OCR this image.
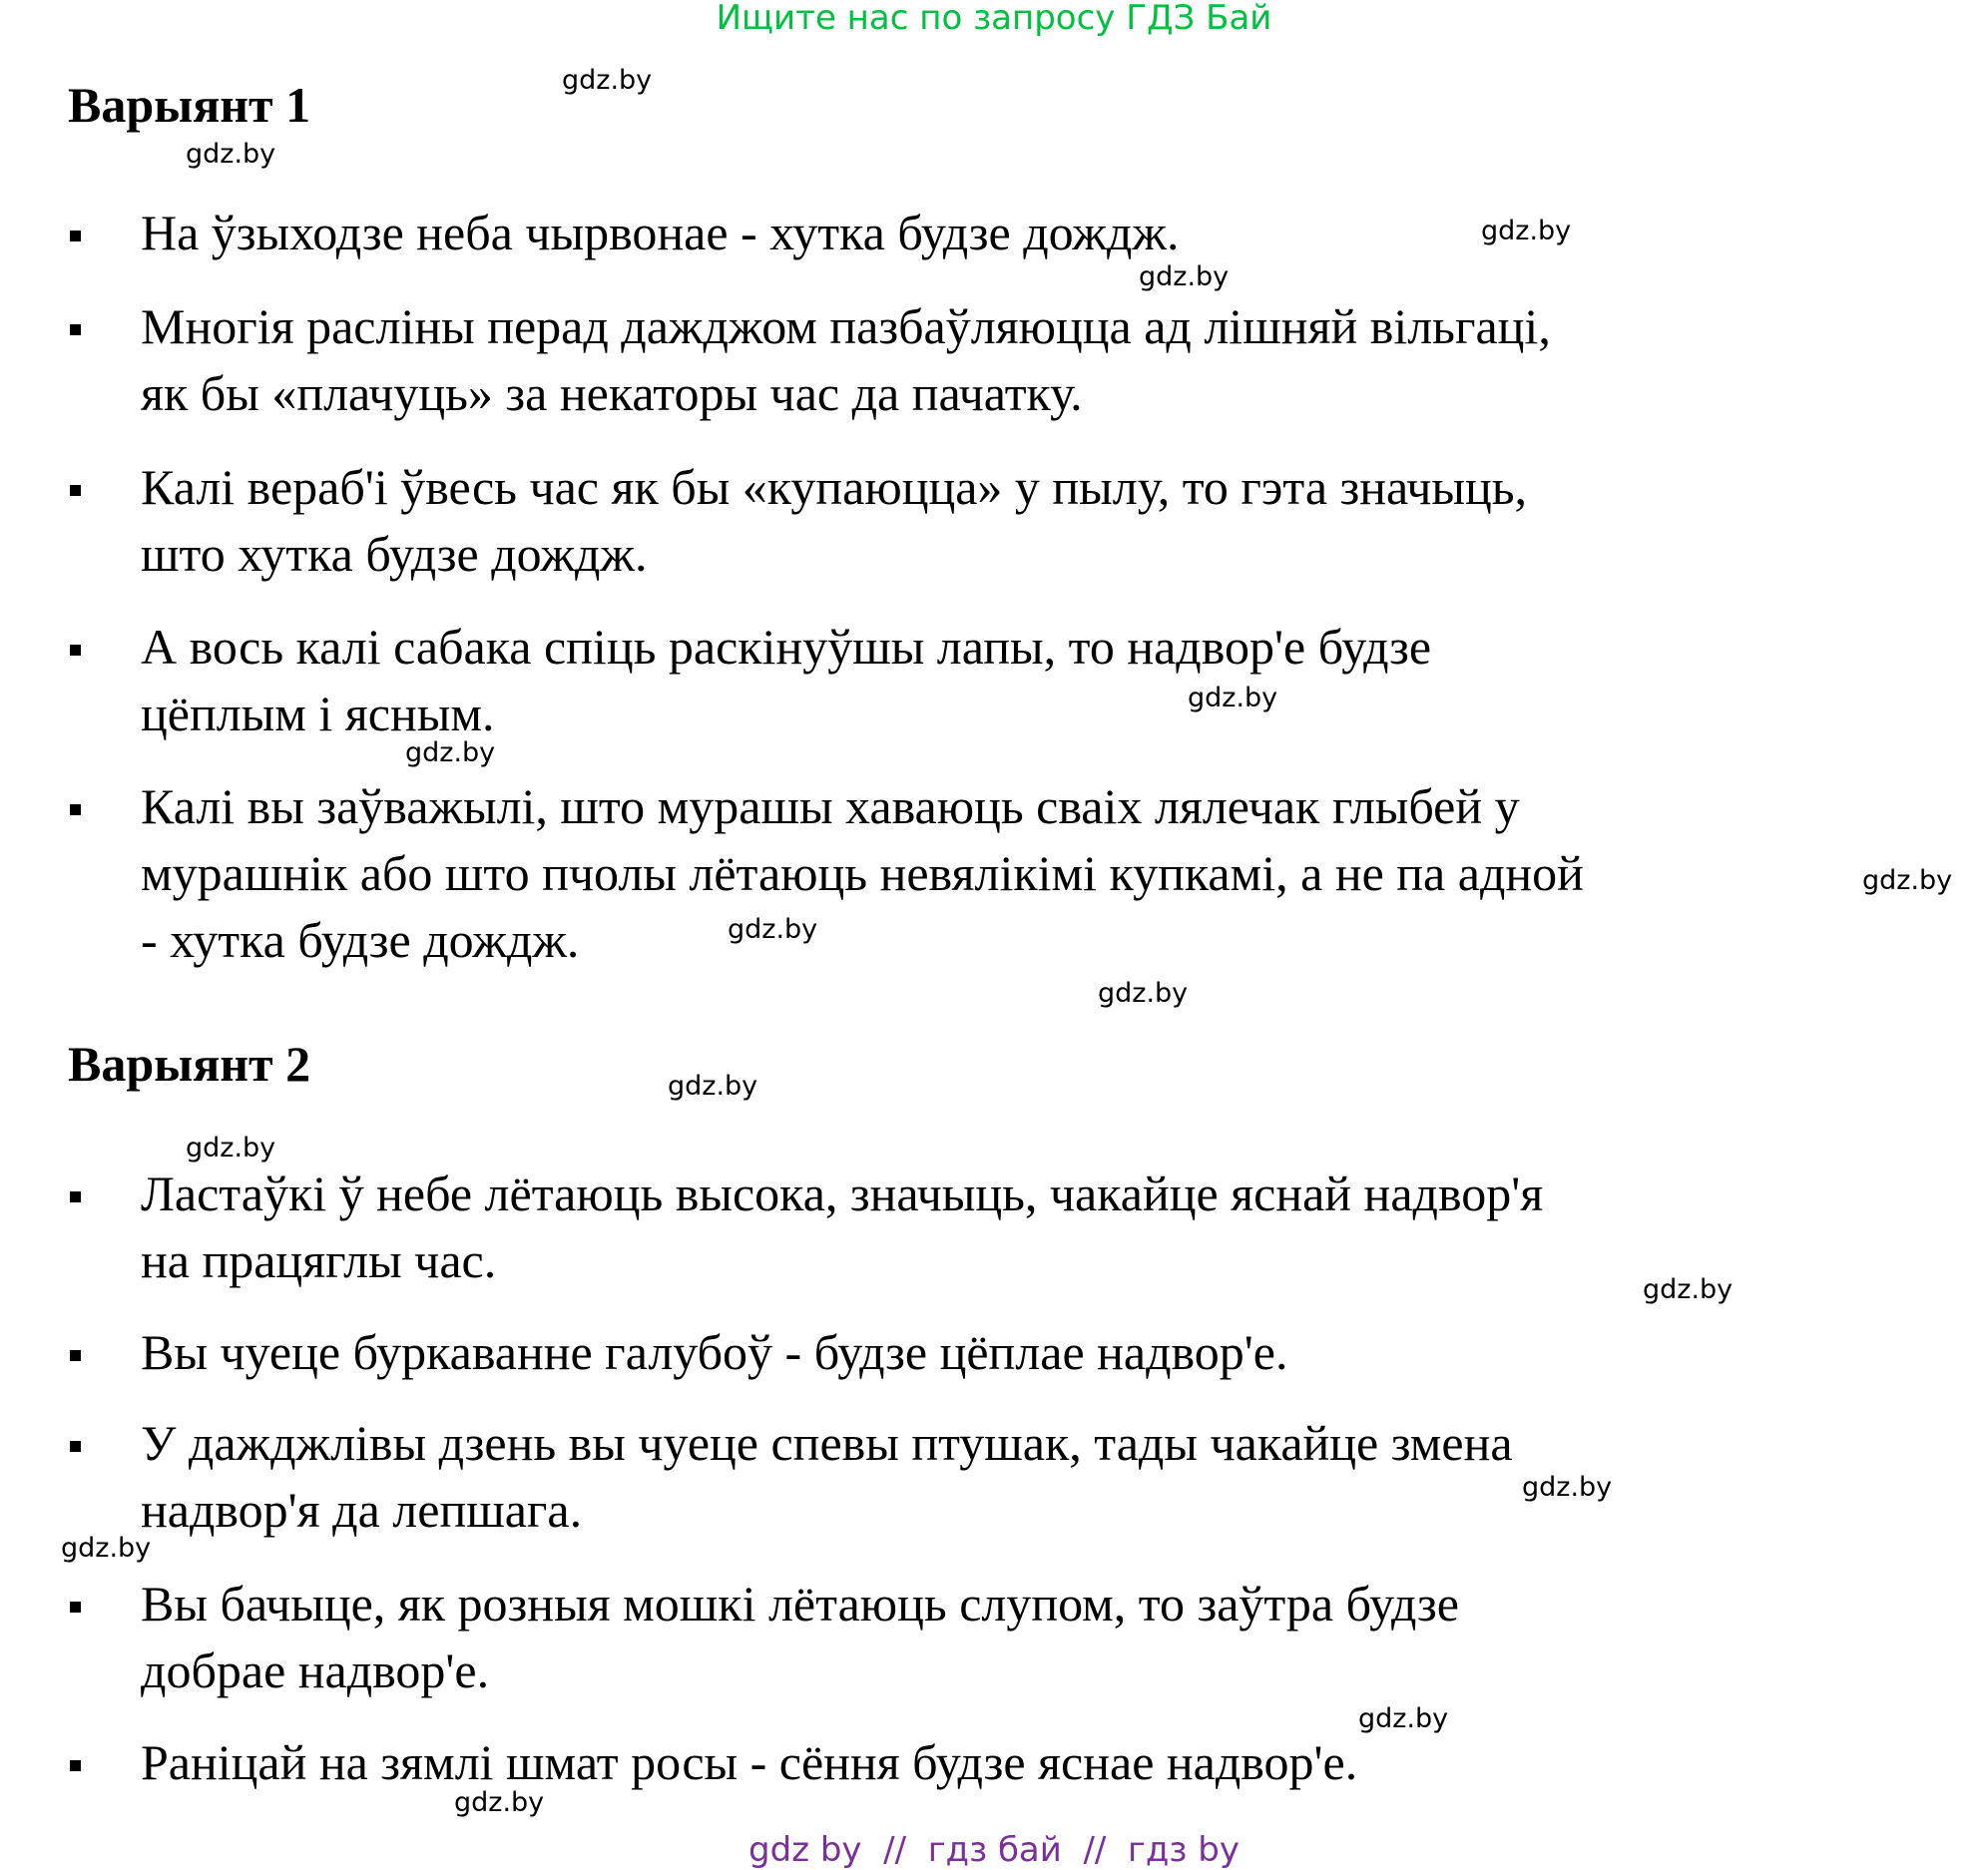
Ищите нас по запросу ГДЗ Бай
Варыянт 1
На ўзыходзе неба чырвонае - хутка будзе дождж.
Многія расліны перад дажджом пазбаўляюцца ад лішняй вільгаці,
як бы «плачуць» за некаторы час да пачатку.
Калі вераб'і ўвесь час як бы «купаюцца» у пылу, то гэта значыць,
што хутка будзе дождж.
А вось калі сабака спіць раскінуўшы лапы, то надвор'е будзе
цёплым і ясным.
Калі вы заўважылі, што мурашы хаваюць сваіх лялечак глыбей у
мурашнік або што пчолы лётаюць невялікімі купкамі, а не па адной
- хутка будзе дождж.
Варыянт 2
Ластаўкі ў небе лётаюць высока, значыць, чакайце яснай надвор'я
на працяглы час.
Вы чуеце буркаванне галубоў - будзе цёплае надвор'е.
У дажджлівы дзень вы чуеце спевы птушак, тады чакайце змена
надвор'я да лепшага.
Вы бачыце, як розныя мошкі лётаюць слупом, то заўтра будзе
добрае надвор'е.
Раніцай на зямлі шмат росы - сёння будзе яснае надвор'е.
gdz.by
gdz.by
gdz.by
gdz.by
gdz.by
gdz.by
gdz.by
gdz.by
gdz.by
gdz.by
gdz.by
gdz.by
gdz.by
gdz.by
gdz.by
gdz.by
gdz by  //  гдз бай  //  гдз by
